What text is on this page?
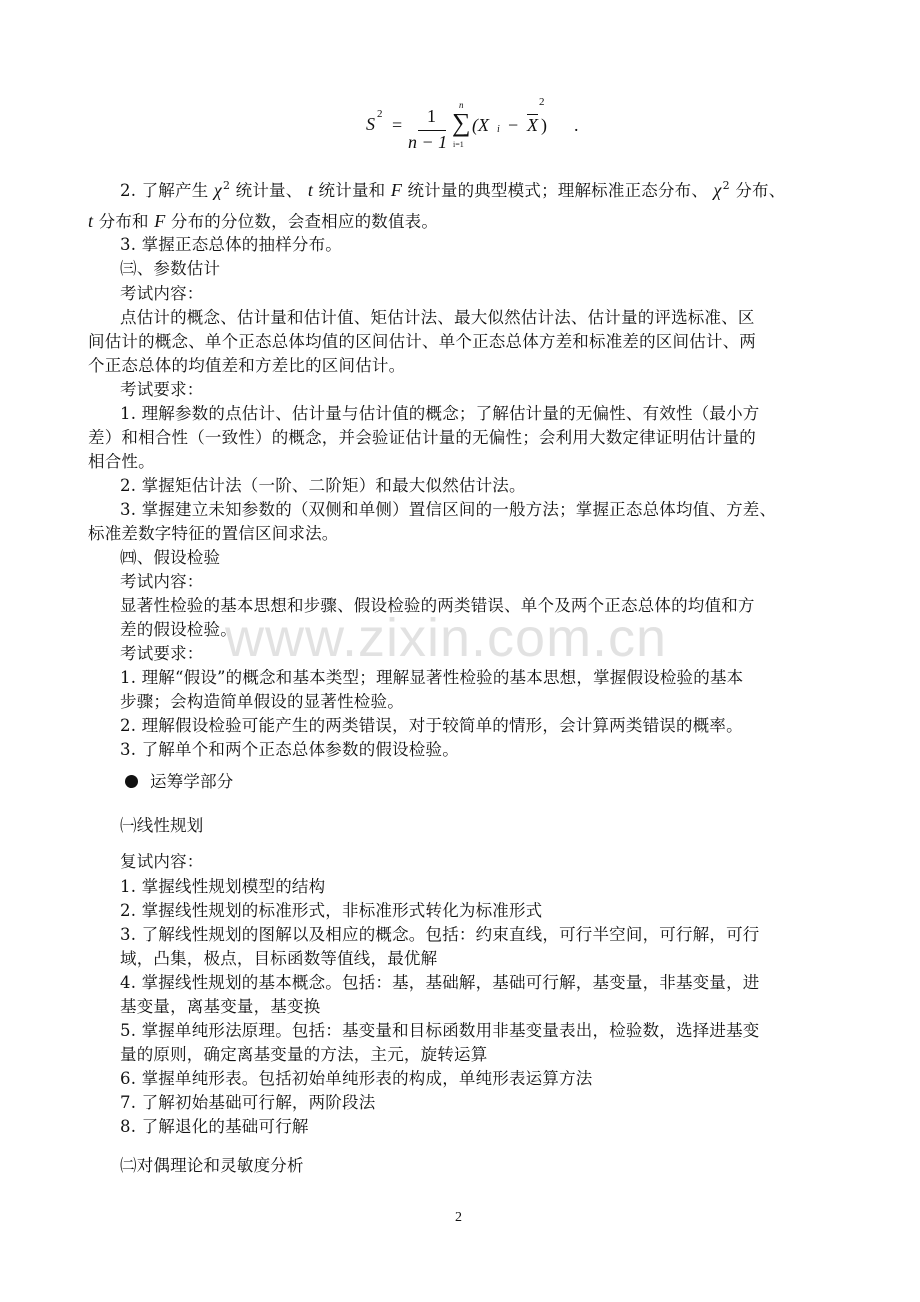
S 2
= 1
n − 1
n
∑
i=1
(X $i - \overline{X}$ )
2
.
2. 了解产生 $\chi^2$ 统计量、 t 统计量和 F 统计量的典型模式；理解标准正态分布、 $\chi^2$ 分布、
t 分布和 F 分布的分位数，会查相应的数值表。
3. 掌握正态总体的抽样分布。
㈢、参数估计
考试内容：
点估计的概念、估计量和估计值、矩估计法、最大似然估计法、估计量的评选标准、区
间估计的概念、单个正态总体均值的区间估计、单个正态总体方差和标准差的区间估计、两
个正态总体的均值差和方差比的区间估计。
考试要求：
1. 理解参数的点估计、估计量与估计值的概念；了解估计量的无偏性、有效性（最小方
差）和相合性（一致性）的概念，并会验证估计量的无偏性；会利用大数定律证明估计量的
相合性。
2. 掌握矩估计法（一阶、二阶矩）和最大似然估计法。
3. 掌握建立未知参数的（双侧和单侧）置信区间的一般方法；掌握正态总体均值、方差、
标准差数字特征的置信区间求法。
㈣、假设检验
考试内容：
显著性检验的基本思想和步骤、假设检验的两类错误、单个及两个正态总体的均值和方
差的假设检验。
考试要求：
1. 理解“假设”的概念和基本类型；理解显著性检验的基本思想，掌握假设检验的基本
步骤；会构造简单假设的显著性检验。
2. 理解假设检验可能产生的两类错误，对于较简单的情形，会计算两类错误的概率。
3. 了解单个和两个正态总体参数的假设检验。
运筹学部分
㈠线性规划
复试内容：
1. 掌握线性规划模型的结构
2. 掌握线性规划的标准形式，非标准形式转化为标准形式
3. 了解线性规划的图解以及相应的概念。包括：约束直线，可行半空间，可行解，可行
域，凸集，极点，目标函数等值线，最优解
4. 掌握线性规划的基本概念。包括：基，基础解，基础可行解，基变量，非基变量，进
基变量，离基变量，基变换
5. 掌握单纯形法原理。包括：基变量和目标函数用非基变量表出，检验数，选择进基变
量的原则，确定离基变量的方法，主元，旋转运算
6. 掌握单纯形表。包括初始单纯形表的构成，单纯形表运算方法
7. 了解初始基础可行解，两阶段法
8. 了解退化的基础可行解
㈡对偶理论和灵敏度分析
www.zixin.com.cn
2
